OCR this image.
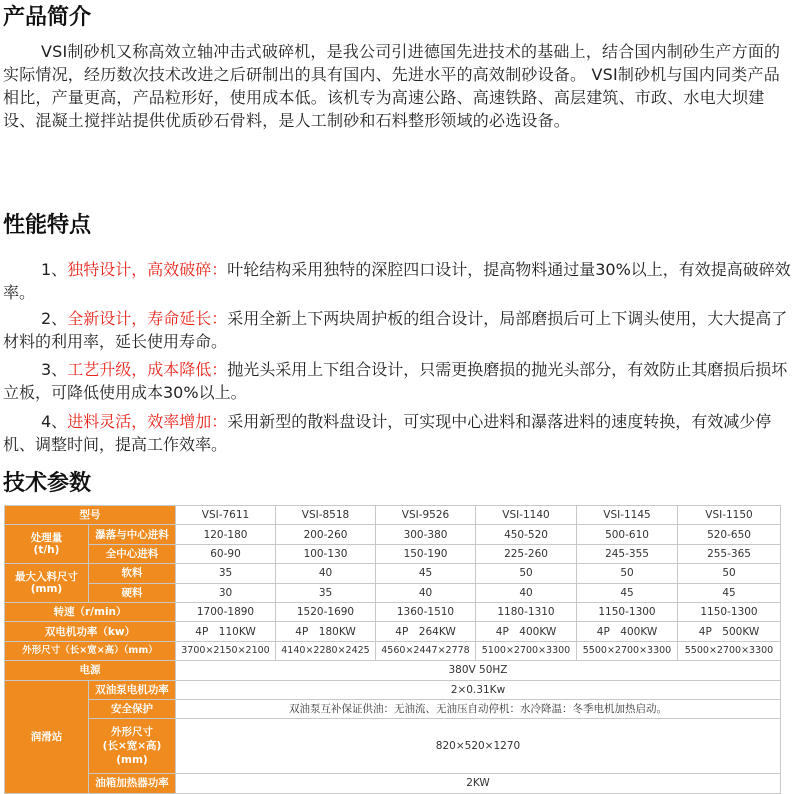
产品简介

VSI制砂机又称高效立轴冲击式破碎机，是我公司引进德国先进技术的基础上，结合国内制砂生产方面的实际情况，经历数次技术改进之后研制出的具有国内、先进水平的高效制砂设备。 VSI制砂机与国内同类产品相比，产量更高，产品粒形好，使用成本低。该机专为高速公路、高速铁路、高层建筑、市政、水电大坝建设、混凝土搅拌站提供优质砂石骨料，是人工制砂和石料整形领域的必选设备。

性能特点

1、独特设计，高效破碎：叶轮结构采用独特的深腔四口设计，提高物料通过量30%以上，有效提高破碎效率。

2、全新设计，寿命延长：采用全新上下两块周护板的组合设计，局部磨损后可上下调头使用，大大提高了材料的利用率，延长使用寿命。

3、工艺升级，成本降低：抛光头采用上下组合设计，只需更换磨损的抛光头部分，有效防止其磨损后损坏立板，可降低使用成本30%以上。

4、进料灵活，效率增加：采用新型的散料盘设计，可实现中心进料和瀑落进料的速度转换，有效减少停机、调整时间，提高工作效率。

技术参数
型号		VSI-7611	VSI-8518	VSI-9526	VSI-1140	VSI-1145	VSI-1150
处理量
(t/h)	瀑落与中心进料	120-180	200-260	300-380	450-520	500-610	520-650
	全中心进料	60-90	100-130	150-190	225-260	245-355	255-365
最大入料尺寸
(mm)	软料	35	40	45	50	50	50
	硬料	30	35	40	40	45	45
转速（r/min）		1700-1890	1520-1690	1360-1510	1180-1310	1150-1300	1150-1300
双电机功率（kw）		4P　110KW	4P　180KW	4P　264KW	4P　400KW	4P　400KW	4P　500KW
外形尺寸（长×宽×高）（mm）		3700×2150×2100	4140×2280×2425	4560×2447×2778	5100×2700×3300	5500×2700×3300	5500×2700×3300
电源		380V 50HZ					
润滑站	双油泵电机功率	2×0.31Kw					
	安全保护	双油泵互补保证供油：无油流、无油压自动停机：水冷降温：冬季电机加热启动。					
	外形尺寸
(长×宽×高)
(mm)	820×520×1270					
	油箱加热器功率	2KW					
